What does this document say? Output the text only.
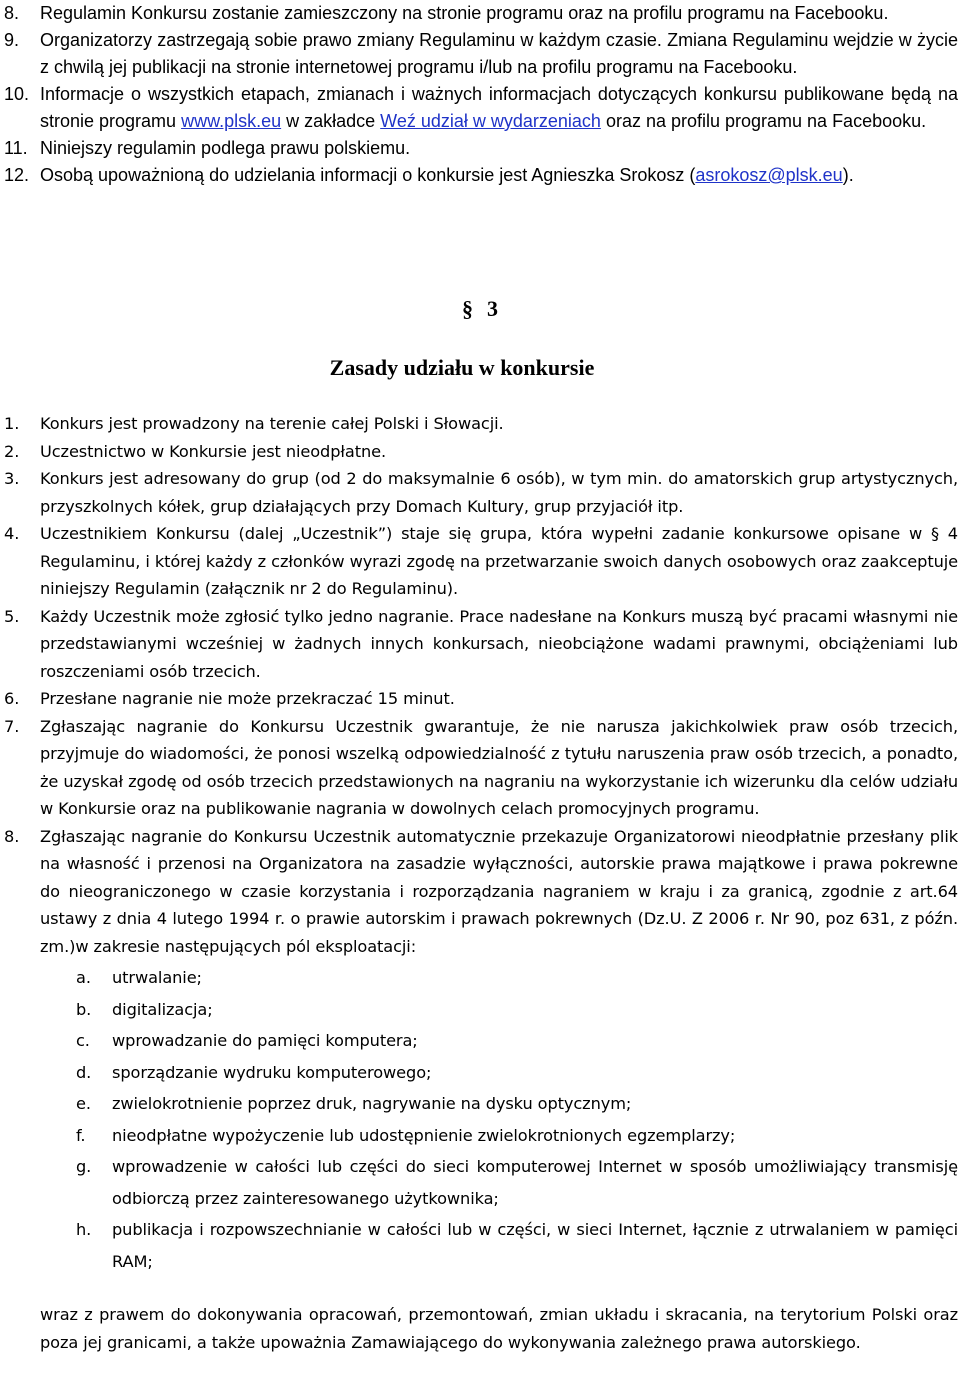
8. Regulamin Konkursu zostanie zamieszczony na stronie programu oraz na profilu programu na Facebooku.
9. Organizatorzy zastrzegają sobie prawo zmiany Regulaminu w każdym czasie. Zmiana Regulaminu wejdzie w życie z chwilą jej publikacji na stronie internetowej programu i/lub na profilu programu na Facebooku.
10. Informacje o wszystkich etapach, zmianach i ważnych informacjach dotyczących konkursu publikowane będą na stronie programu www.plsk.eu w zakładce Weź udział w wydarzeniach oraz na profilu programu na Facebooku.
11. Niniejszy regulamin podlega prawu polskiemu.
12. Osobą upoważnioną do udzielania informacji o konkursie jest Agnieszka Srokosz (asrokosz@plsk.eu).
§ 3
Zasady udziału w konkursie
1. Konkurs jest prowadzony na terenie całej Polski i Słowacji.
2. Uczestnictwo w Konkursie jest nieodpłatne.
3. Konkurs jest adresowany do grup (od 2 do maksymalnie 6 osób), w tym min. do amatorskich grup artystycznych, przyszkolnych kółek, grup działających przy Domach Kultury, grup przyjaciół itp.
4. Uczestnikiem Konkursu (dalej „Uczestnik”) staje się grupa, która wypełni zadanie konkursowe opisane w § 4 Regulaminu, i której każdy z członków wyrazi zgodę na przetwarzanie swoich danych osobowych oraz zaakceptuje niniejszy Regulamin (załącznik nr 2 do Regulaminu).
5. Każdy Uczestnik może zgłosić tylko jedno nagranie. Prace nadesłane na Konkurs muszą być pracami własnymi nie przedstawianymi wcześniej w żadnych innych konkursach, nieobciążone wadami prawnymi, obciążeniami lub roszczeniami osób trzecich.
6. Przesłane nagranie nie może przekraczać 15 minut.
7. Zgłaszając nagranie do Konkursu Uczestnik gwarantuje, że nie narusza jakichkolwiek praw osób trzecich, przyjmuje do wiadomości, że ponosi wszelką odpowiedzialność z tytułu naruszenia praw osób trzecich, a ponadto, że uzyskał zgodę od osób trzecich przedstawionych na nagraniu na wykorzystanie ich wizerunku dla celów udziału w Konkursie oraz na publikowanie nagrania w dowolnych celach promocyjnych programu.
8. Zgłaszając nagranie do Konkursu Uczestnik automatycznie przekazuje Organizatorowi nieodpłatnie przesłany plik na własność i przenosi na Organizatora na zasadzie wyłączności, autorskie prawa majątkowe i prawa pokrewne do nieograniczonego w czasie korzystania i rozporządzania nagraniem w kraju i za granicą, zgodnie z art.64 ustawy z dnia 4 lutego 1994 r. o prawie autorskim i prawach pokrewnych (Dz.U. Z 2006 r. Nr 90, poz 631, z późn. zm.)w zakresie następujących pól eksploatacji:
a. utrwalanie;
b. digitalizacja;
c. wprowadzanie do pamięci komputera;
d. sporządzanie wydruku komputerowego;
e. zwielokrotnienie poprzez druk, nagrywanie na dysku optycznym;
f. nieodpłatne wypożyczenie lub udostępnienie zwielokrotnionych egzemplarzy;
g. wprowadzenie w całości lub części do sieci komputerowej Internet w sposób umożliwiający transmisję odbiorczą przez zainteresowanego użytkownika;
h. publikacja i rozpowszechnianie w całości lub w części, w sieci Internet, łącznie z utrwalaniem w pamięci RAM;
wraz z prawem do dokonywania opracowań, przemontowań, zmian układu i skracania, na terytorium Polski oraz poza jej granicami, a także upoważnia Zamawiającego do wykonywania zależnego prawa autorskiego.
